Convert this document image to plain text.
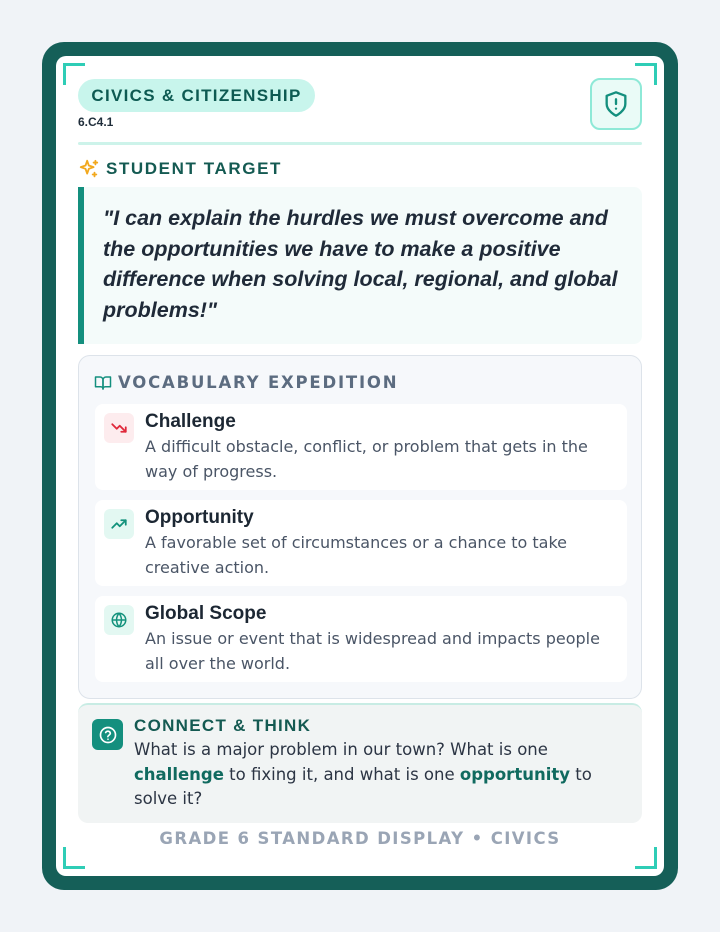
CIVICS & CITIZENSHIP
6.C4.1
STUDENT TARGET

"I can explain the hurdles we must overcome and the opportunities we have to make a positive difference when solving local, regional, and global problems!"

VOCABULARY EXPEDITION
Challenge
A difficult obstacle, conflict, or problem that gets in the way of progress.
Opportunity
A favorable set of circumstances or a chance to take creative action.
Global Scope
An issue or event that is widespread and impacts people all over the world.
CONNECT & THINK

What is a major problem in our town? What is one challenge to fixing it, and what is one opportunity to solve it?

GRADE 6 STANDARD DISPLAY • CIVICS
